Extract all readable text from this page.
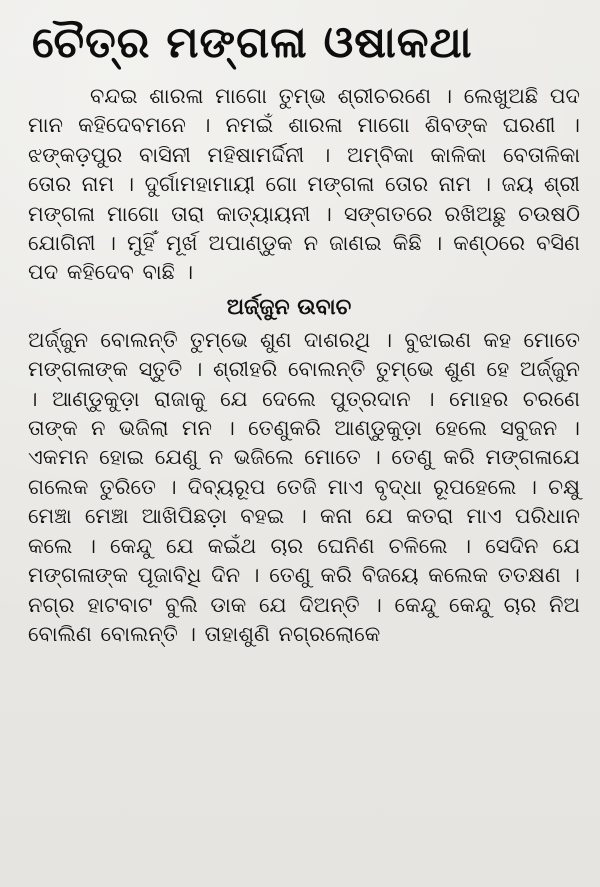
ଚୈତ୍ର ମଙ୍ଗଳା ଓଷାକଥା

ବନ୍ଦଇ ଶାରଳା ମାଗୋ ତୁମ୍ଭ ଶ୍ରୀଚରଣେ । ଲେଖୁଅଛି ପଦ ମାନ କହିଦେବମନେ । ନମଇଁ ଶାରଳା ମାଗୋ ଶିବଙ୍କ ଘରଣୀ । ଝଙ୍କଡ଼ପୁର ବାସିନୀ ମହିଷାମର୍ଦ୍ଦିନୀ । ଅମ୍ବିକା କାଳିକା ବେତାଳିକା ତୋର ନାମ । ଦୁର୍ଗାମହାମାୟୀ ଗୋ ମଙ୍ଗଳା ତୋର ନାମ । ଜୟ ଶ୍ରୀ ମଙ୍ଗଳା ମାଗୋ ତାରା କାତ୍ୟାୟନୀ । ସଙ୍ଗତରେ ରଖିଅଛୁ ଚଉଷଠି ଯୋଗିନୀ । ମୁହିଁ ମୂର୍ଖ ଅପାଣ୍ଡୁକ ନ ଜାଣଇ କିଛି । କଣ୍ଠରେ ବସିଣ ପଦ କହିଦେବ ବାଛି ।

ଅର୍ଜ୍ଜୁନ ଉବାଚ

ଅର୍ଜ୍ଜୁନ ବୋଲନ୍ତି ତୁମ୍ଭେ ଶୁଣ ଦାଶରଥି । ବୁଝାଇଣ କହ ମୋତେ ମଙ୍ଗଳାଙ୍କ ସ୍ତୁତି । ଶ୍ରୀହରି ବୋଲନ୍ତି ତୁମ୍ଭେ ଶୁଣ ହେ ଅର୍ଜ୍ଜୁନ । ଆଣ୍ଡୁକୁଡ଼ା ରାଜାକୁ ଯେ ଦେଲେ ପୁତ୍ରଦାନ । ମୋହର ଚରଣେ ତାଙ୍କ ନ ଭଜିଲା ମନ । ତେଣୁକରି ଆଣ୍ଡୁକୁଡ଼ା ହେଲେ ସବୁଜନ । ଏକମନ ହୋଇ ଯେଣୁ ନ ଭଜିଲେ ମୋତେ । ତେଣୁ କରି ମଙ୍ଗଳାଯେ ଗଲେକ ତୁରିତେ । ଦିବ୍ୟରୂପ ତେଜି ମାଏ ବୃଦ୍ଧା ରୂପହେଲେ । ଚକ୍ଷୁ ମେଞ୍ଚା ମେଞ୍ଚା ଆଖିପିଛଡ଼ା ବହଇ । କନା ଯେ କତରା ମାଏ ପରିଧାନ କଲେ । କେନ୍ଦୁ ଯେ କଇଁଥ ଚାର ଘେନିଣ ଚଳିଲେ । ସେଦିନ ଯେ ମଙ୍ଗଳାଙ୍କ ପୂଜାବିଧି ଦିନ । ତେଣୁ କରି ବିଜୟେ କଲେକ ତତକ୍ଷଣ । ନଗ୍ର ହାଟବାଟ ବୁଲି ଡାକ ଯେ ଦିଅନ୍ତି । କେନ୍ଦୁ କେନ୍ଦୁ ଚାର ନିଅ ବୋଲିଣ ବୋଲନ୍ତି । ତାହାଶୁଣି ନଗ୍ରଲୋକେ
